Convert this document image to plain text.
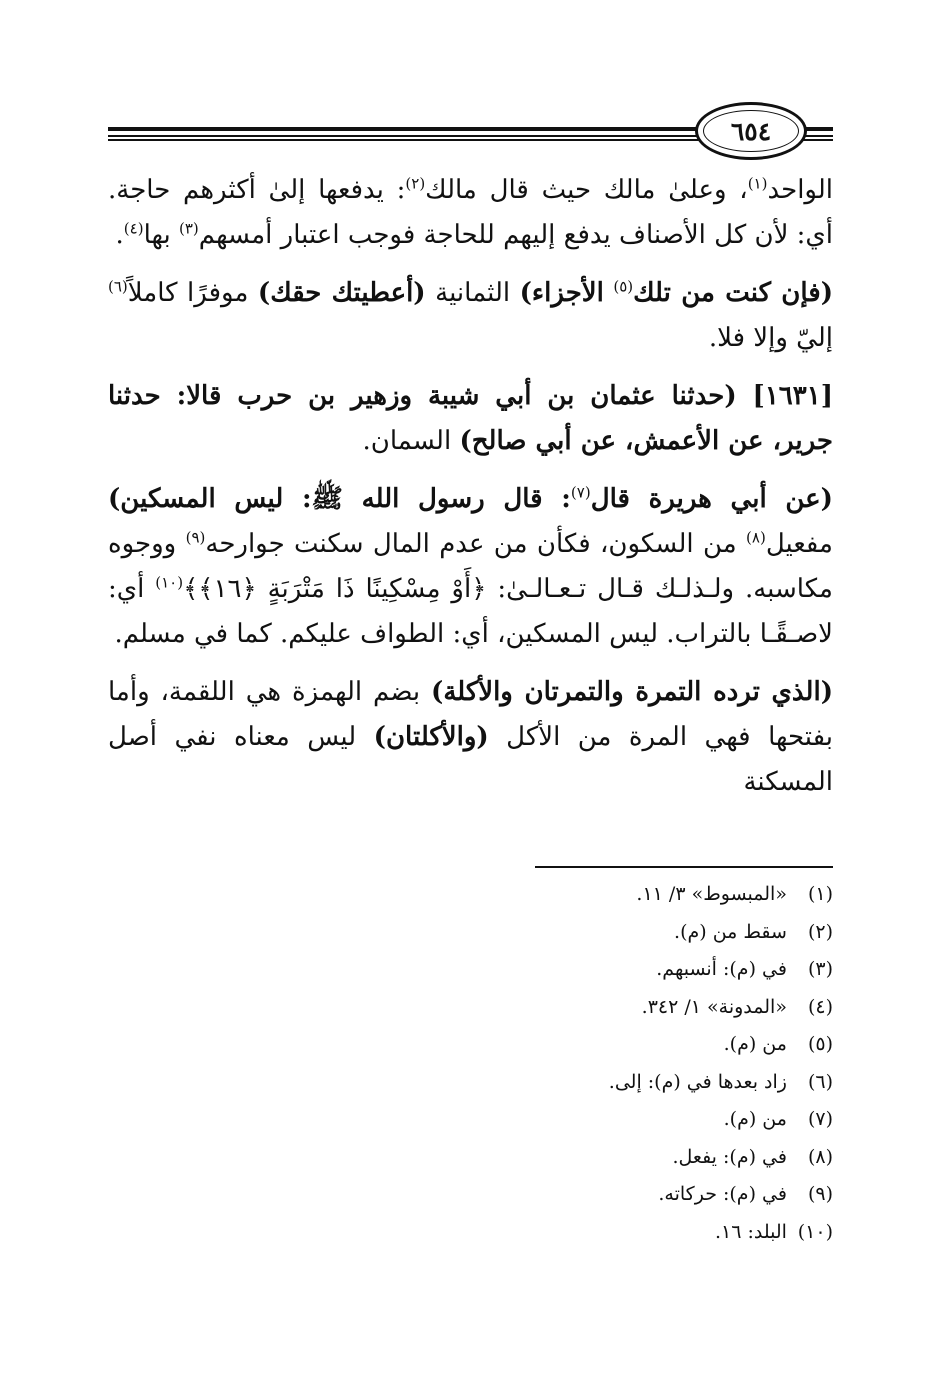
٦٥٤

الواحد$^{(١)}$، وعلىٰ مالك حيث قال مالك$^{(٢)}$: يدفعها إلىٰ أكثرهم حاجة. أي: لأن كل الأصناف يدفع إليهم للحاجة فوجب اعتبار أمسهم$^{(٣)}$ بها$^{(٤)}$.

(فإن كنت من تلك$^{(٥)}$ الأجزاء) الثمانية (أعطيتك حقك) موفرًا كاملاً$^{(٦)}$ إليّ وإلا فلا.

[١٦٣١] (حدثنا عثمان بن أبي شيبة وزهير بن حرب قالا: حدثنا جرير، عن الأعمش، عن أبي صالح) السمان.

(عن أبي هريرة قال$^{(٧)}$: قال رسول الله ﷺ: ليس المسكين) مفعيل$^{(٨)}$ من السكون، فكأن من عدم المال سكنت جوارحه$^{(٩)}$ ووجوه مكاسبه. ولـذلـك قـال تـعـالـىٰ: ﴿أَوْ مِسْكِينًا ذَا مَتْرَبَةٍ ﴿١٦﴾﴾$^{(١٠)}$ أي: لاصـقًـا بالتراب. ليس المسكين، أي: الطواف عليكم. كما في مسلم.

(الذي ترده التمرة والتمرتان والأكلة) بضم الهمزة هي اللقمة، وأما بفتحها فهي المرة من الأكل (والأكلتان) ليس معناه نفي أصل المسكنة

(١) «المبسوط» ٣/ ١١.

(٢) سقط من (م).

(٣) في (م): أنسبهم.

(٤) «المدونة» ١/ ٣٤٢.

(٥) من (م).

(٦) زاد بعدها في (م): إلى.

(٧) من (م).

(٨) في (م): يفعل.

(٩) في (م): حركاته.

(١٠) البلد: ١٦.
